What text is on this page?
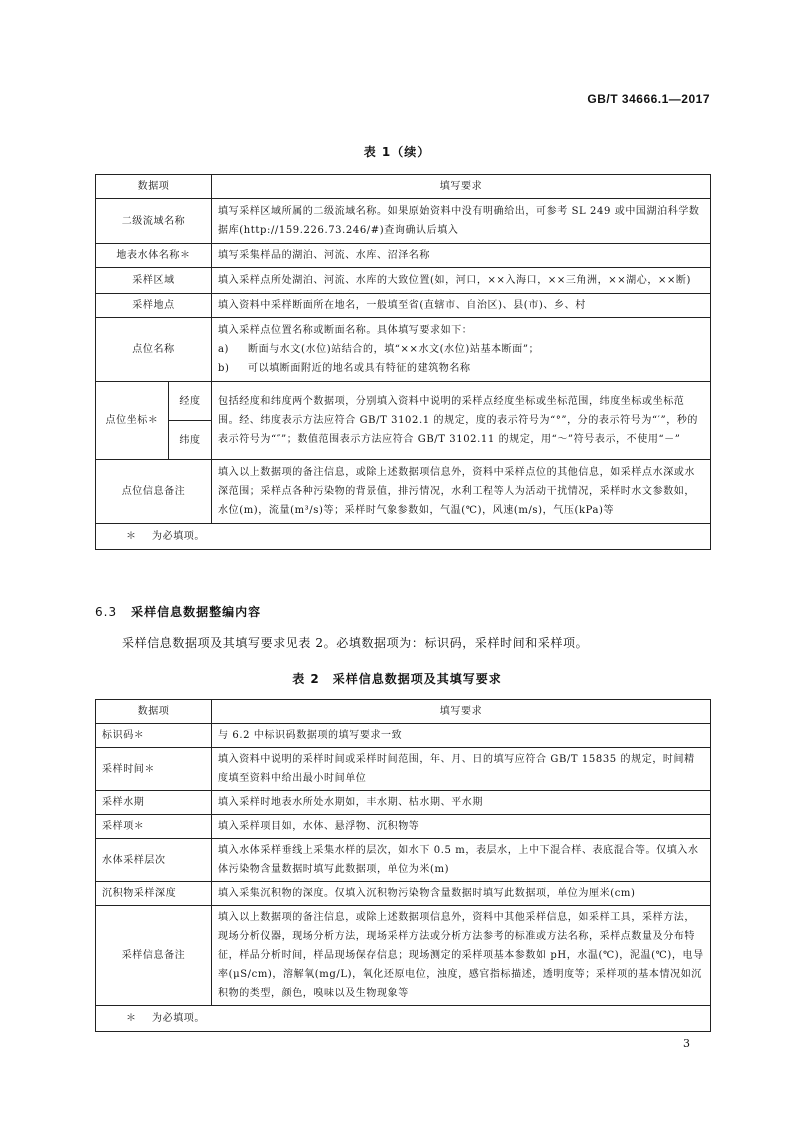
GB/T 34666.1—2017
表 1（续）
数据项		填写要求
二级流域名称		填写采样区域所属的二级流域名称。如果原始资料中没有明确给出，可参考 SL 249 或中国湖泊科学数据库(http://159.226.73.246/#)查询确认后填入
地表水体名称＊		填写采集样品的湖泊、河流、水库、沼泽名称
采样区域		填入采样点所处湖泊、河流、水库的大致位置(如，河口，××入海口，××三角洲，××湖心，××断)
采样地点		填入资料中采样断面所在地名，一般填至省(直辖市、自治区)、县(市)、乡、村
点位名称		填入采样点位置名称或断面名称。具体填写要求如下：
a) 断面与水文(水位)站结合的，填“××水文(水位)站基本断面”；
b) 可以填断面附近的地名或具有特征的建筑物名称

点位坐标＊	经度	包括经度和纬度两个数据项，分别填入资料中说明的采样点经度坐标或坐标范围，纬度坐标或坐标范围。经、纬度表示方法应符合 GB/T 3102.1 的规定，度的表示符号为“°”，分的表示符号为“′”，秒的表示符号为“″”；数值范围表示方法应符合 GB/T 3102.11 的规定，用“～”符号表示，不使用“－”
	纬度	
点位信息备注		填入以上数据项的备注信息，或除上述数据项信息外，资料中采样点位的其他信息，如采样点水深或水深范围；采样点各种污染物的背景值，排污情况，水利工程等人为活动干扰情况，采样时水文参数如，水位(m)，流量(m³/s)等；采样时气象参数如，气温(℃)，风速(m/s)，气压(kPa)等
＊ 为必填项。		
6.3 采样信息数据整编内容
采样信息数据项及其填写要求见表 2。必填数据项为：标识码，采样时间和采样项。
表 2　采样信息数据项及其填写要求
数据项	填写要求
标识码＊	与 6.2 中标识码数据项的填写要求一致
采样时间＊	填入资料中说明的采样时间或采样时间范围，年、月、日的填写应符合 GB/T 15835 的规定，时间精度填至资料中给出最小时间单位
采样水期	填入采样时地表水所处水期如，丰水期、枯水期、平水期
采样项＊	填入采样项目如，水体、悬浮物、沉积物等
水体采样层次	填入水体采样垂线上采集水样的层次，如水下 0.5 m，表层水，上中下混合样、表底混合等。仅填入水体污染物含量数据时填写此数据项，单位为米(m)
沉积物采样深度	填入采集沉积物的深度。仅填入沉积物污染物含量数据时填写此数据项，单位为厘米(cm)
采样信息备注	填入以上数据项的备注信息，或除上述数据项信息外，资料中其他采样信息，如采样工具，采样方法，现场分析仪器，现场分析方法，现场采样方法或分析方法参考的标准或方法名称，采样点数量及分布特征，样品分析时间，样品现场保存信息；现场测定的采样项基本参数如 pH，水温(℃)，泥温(℃)，电导率(μS/cm)，溶解氧(mg/L)，氧化还原电位，浊度，感官指标描述，透明度等；采样项的基本情况如沉积物的类型，颜色，嗅味以及生物现象等
＊ 为必填项。	
3
